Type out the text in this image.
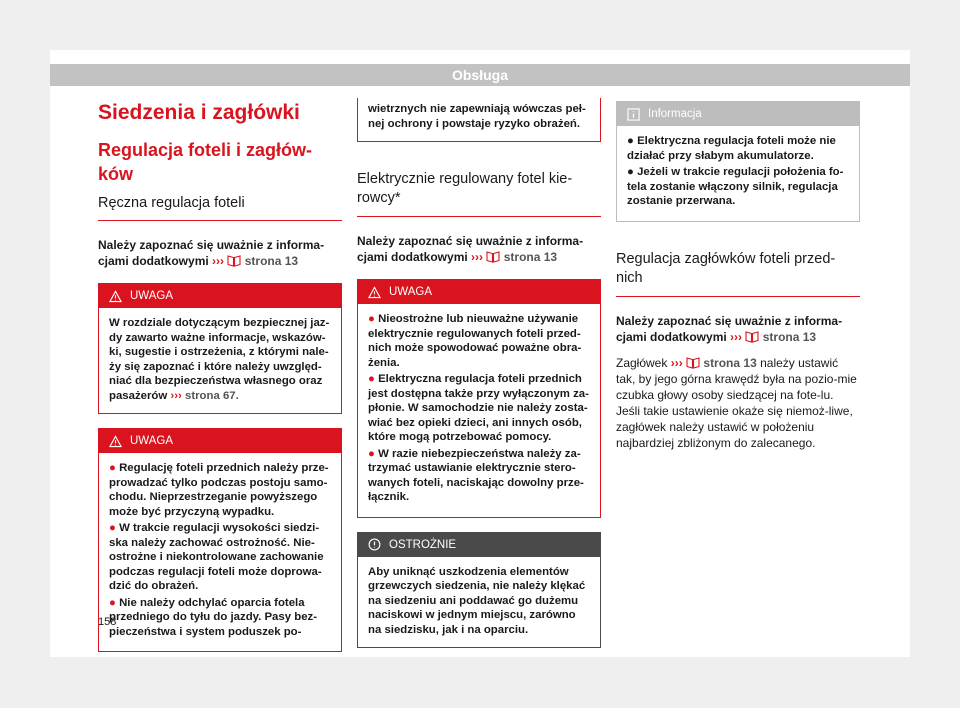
Obsługa
Siedzenia i zagłówki
Regulacja foteli i zagłów-ków
Ręczna regulacja foteli

Należy zapoznać się uważnie z informa-cjami dodatkowymi ››› strona 13

UWAGA
W rozdziale dotyczącym bezpiecznej jaz-dy zawarto ważne informacje, wskazów-ki, sugestie i ostrzeżenia, z którymi nale-ży się zapoznać i które należy uwzględ-niać dla bezpieczeństwa własnego oraz pasażerów ››› strona 67.
UWAGA
● Regulację foteli przednich należy prze-prowadzać tylko podczas postoju samo-chodu. Nieprzestrzeganie powyższego może być przyczyną wypadku.
● W trakcie regulacji wysokości siedzi-ska należy zachować ostrożność. Nie-ostrożne i niekontrolowane zachowanie podczas regulacji foteli może doprowa-dzić do obrażeń.
● Nie należy odchylać oparcia fotela przedniego do tyłu do jazdy. Pasy bez-pieczeństwa i system poduszek po-
wietrznych nie zapewniają wówczas peł-nej ochrony i powstaje ryzyko obrażeń.
Elektrycznie regulowany fotel kie-rowcy*

Należy zapoznać się uważnie z informa-cjami dodatkowymi ››› strona 13

UWAGA
● Nieostrożne lub nieuważne używanie elektrycznie regulowanych foteli przed-nich może spowodować poważne obra-żenia.
● Elektryczna regulacja foteli przednich jest dostępna także przy wyłączonym za-płonie. W samochodzie nie należy zosta-wiać bez opieki dzieci, ani innych osób, które mogą potrzebować pomocy.
● W razie niebezpieczeństwa należy za-trzymać ustawianie elektrycznie stero-wanych foteli, naciskając dowolny prze-łącznik.
OSTROŻNIE
Aby uniknąć uszkodzenia elementów grzewczych siedzenia, nie należy klękać na siedzeniu ani poddawać go dużemu naciskowi w jednym miejscu, zarówno na siedzisku, jak i na oparciu.
Informacja
● Elektryczna regulacja foteli może nie działać przy słabym akumulatorze.
● Jeżeli w trakcie regulacji położenia fo-tela zostanie włączony silnik, regulacja zostanie przerwana.
Regulacja zagłówków foteli przed-nich

Należy zapoznać się uważnie z informa-cjami dodatkowymi ››› strona 13

Zagłówek ››› strona 13 należy ustawić tak, by jego górna krawędź była na pozio-mie czubka głowy osoby siedzącej na fote-lu. Jeśli takie ustawienie okaże się niemoż-liwe, zagłówek należy ustawić w położeniu najbardziej zbliżonym do zalecanego.

158
